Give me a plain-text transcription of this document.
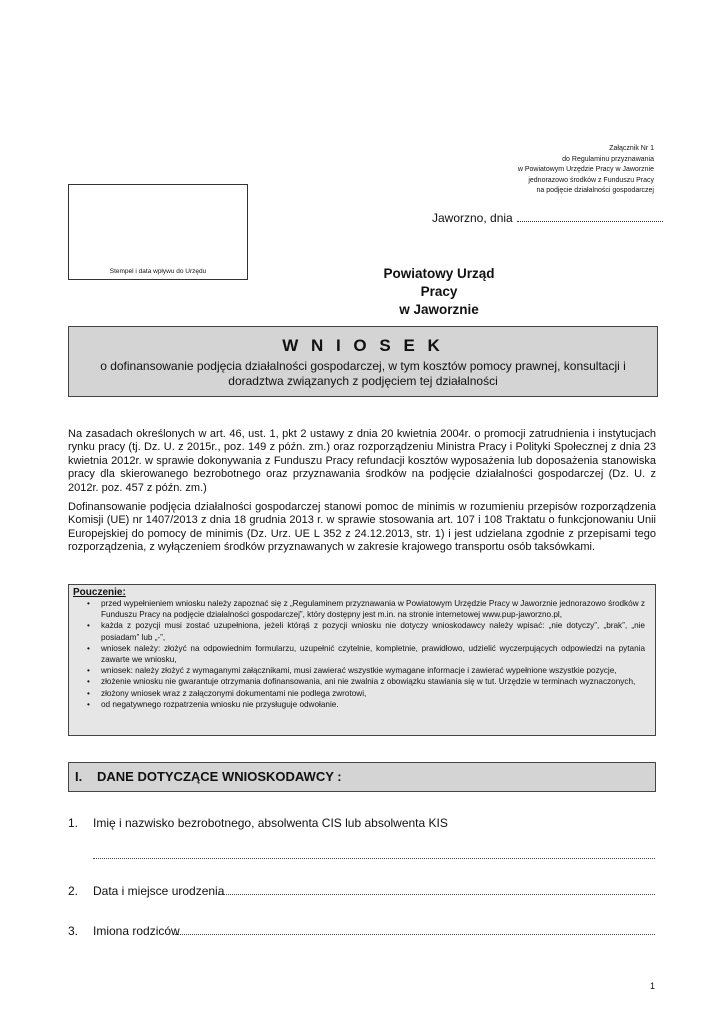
Załącznik Nr 1
do Regulaminu przyznawania
w Powiatowym Urzędzie Pracy w Jaworznie
jednorazowo środków z Funduszu Pracy
na podjęcie działalności gospodarczej
Stempel i data wpływu do Urzędu
Jaworzno, dnia
Powiatowy Urząd Pracy
w Jaworznie
W N I O S E K
o dofinansowanie podjęcia działalności gospodarczej, w tym kosztów pomocy prawnej, konsultacji i doradztwa związanych z podjęciem tej działalności
Na zasadach określonych w art. 46, ust. 1, pkt 2 ustawy z dnia 20 kwietnia 2004r. o promocji zatrudnienia i instytucjach rynku pracy (tj. Dz. U. z 2015r., poz. 149 z późn. zm.) oraz rozporządzeniu Ministra Pracy i Polityki Społecznej z dnia 23 kwietnia 2012r. w sprawie dokonywania z Funduszu Pracy refundacji kosztów wyposażenia lub doposażenia stanowiska pracy dla skierowanego bezrobotnego oraz przyznawania środków na podjęcie działalności gospodarczej (Dz. U. z 2012r. poz. 457 z późn. zm.)
Dofinansowanie podjęcia działalności gospodarczej stanowi pomoc de minimis w rozumieniu przepisów rozporządzenia Komisji (UE) nr 1407/2013 z dnia 18 grudnia 2013 r. w sprawie stosowania art. 107 i 108 Traktatu o funkcjonowaniu Unii Europejskiej do pomocy de minimis (Dz. Urz. UE L 352 z 24.12.2013, str. 1) i jest udzielana zgodnie z przepisami tego rozporządzenia, z wyłączeniem środków przyznawanych w zakresie krajowego transportu osób taksówkami.
Pouczenie:
• przed wypełnieniem wniosku należy zapoznać się z „Regulaminem przyznawania w Powiatowym Urzędzie Pracy w Jaworznie jednorazowo środków z Funduszu Pracy na podjęcie działalności gospodarczej”, który dostępny jest m.in. na stronie internetowej www.pup-jaworzno.pl,
• każda z pozycji musi zostać uzupełniona, jeżeli którąś z pozycji wniosku nie dotyczy wnioskodawcy należy wpisać: „nie dotyczy”, „brak”, „nie posiadam” lub „-”,
• wniosek należy: złożyć na odpowiednim formularzu, uzupełnić czytelnie, kompletnie, prawidłowo, udzielić wyczerpujących odpowiedzi na pytania zawarte we wniosku,
• wniosek: należy złożyć z wymaganymi załącznikami, musi zawierać wszystkie wymagane informacje i zawierać wypełnione wszystkie pozycje,
• złożenie wniosku nie gwarantuje otrzymania dofinansowania, ani nie zwalnia z obowiązku stawiania się w tut. Urzędzie w terminach wyznaczonych,
• złożony wniosek wraz z załączonymi dokumentami nie podlega zwrotowi,
• od negatywnego rozpatrzenia wniosku nie przysługuje odwołanie.
I. DANE DOTYCZĄCE WNIOSKODAWCY :
1. Imię i nazwisko bezrobotnego, absolwenta CIS lub absolwenta KIS
2. Data i miejsce urodzenia
3. Imiona rodziców
1
